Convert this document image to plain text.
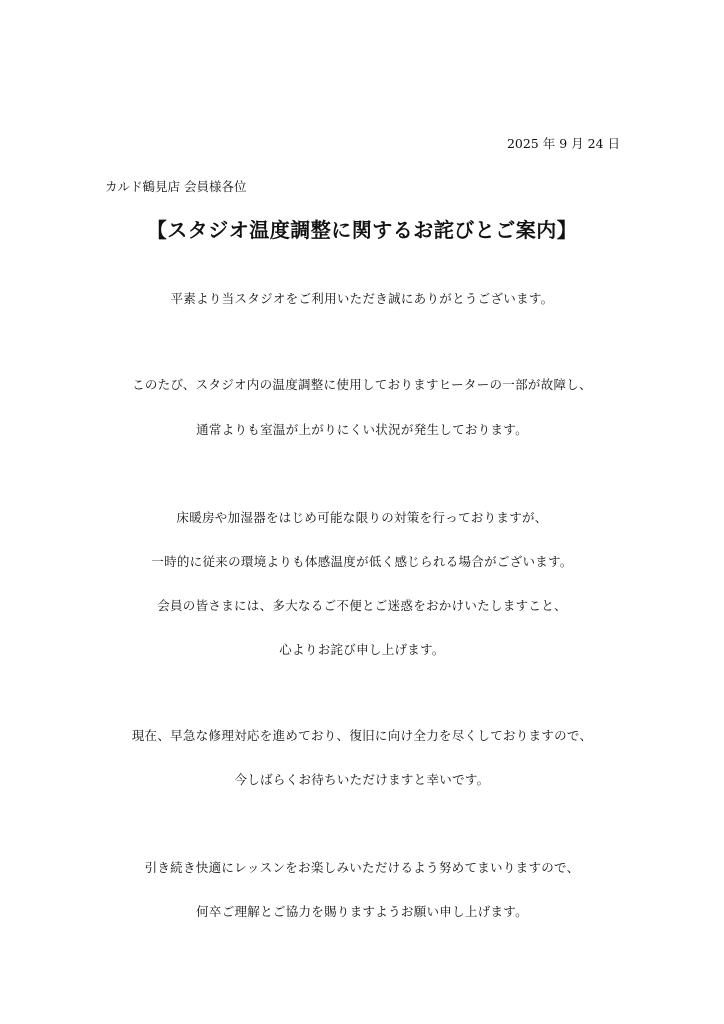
2025 年 9 月 24 日
カルド鶴見店 会員様各位
【スタジオ温度調整に関するお詫びとご案内】
平素より当スタジオをご利用いただき誠にありがとうございます。
このたび、スタジオ内の温度調整に使用しておりますヒーターの一部が故障し、
通常よりも室温が上がりにくい状況が発生しております。
床暖房や加湿器をはじめ可能な限りの対策を行っておりますが、
一時的に従来の環境よりも体感温度が低く感じられる場合がございます。
会員の皆さまには、多大なるご不便とご迷惑をおかけいたしますこと、
心よりお詫び申し上げます。
現在、早急な修理対応を進めており、復旧に向け全力を尽くしておりますので、
今しばらくお待ちいただけますと幸いです。
引き続き快適にレッスンをお楽しみいただけるよう努めてまいりますので、
何卒ご理解とご協力を賜りますようお願い申し上げます。
